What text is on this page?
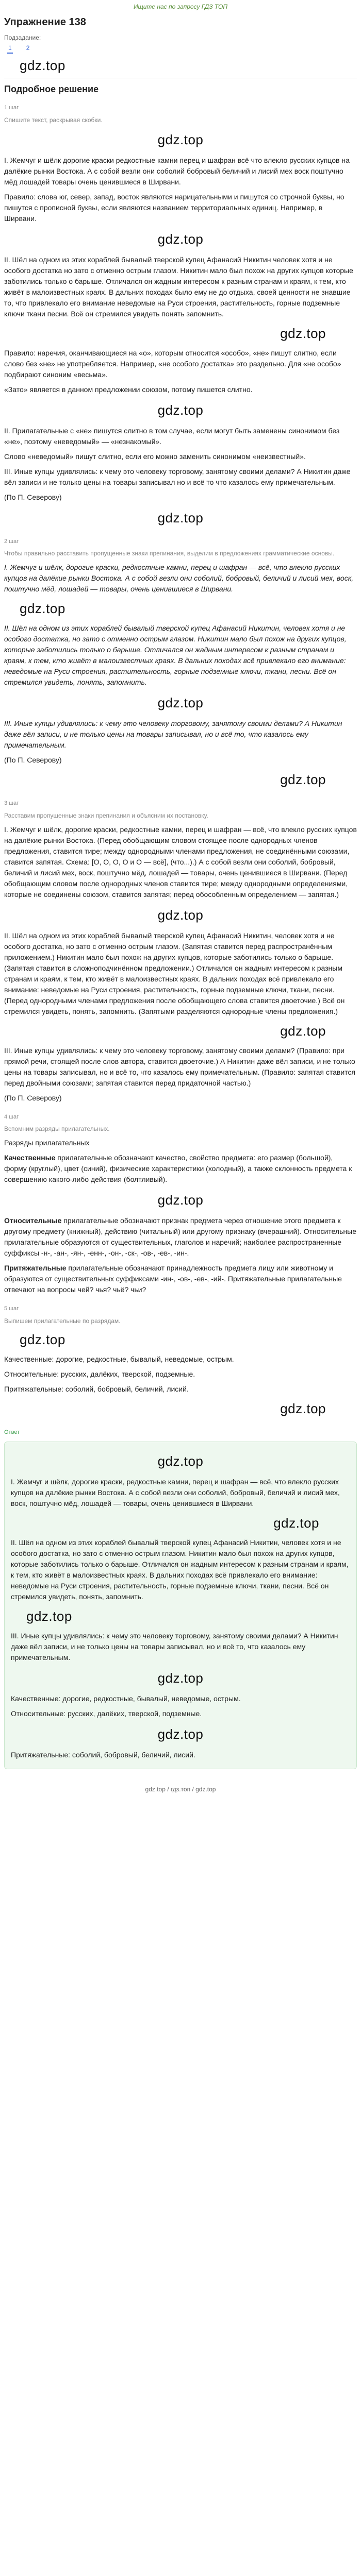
Ищите нас по запросу ГДЗ ТОП
Упражнение 138
Подзадание:
1 2
gdz.top
Подробное решение
1 шаг
Спишите текст, раскрывая скобки.
gdz.top

I. Жемчуг и шёлк дорогие краски редкостные камни перец и шафран всё что влекло русских купцов на далёкие рынки Востока. А с собой везли они соболий бобровый беличий и лисий мех воск поштучно мёд лошадей товары очень ценившиеся в Ширвани.

Правило: слова юг, север, запад, восток являются нарицательными и пишутся со строчной буквы, но пишутся с прописной буквы, если являются названием территориальных единиц. Например, в Ширвани.

gdz.top

II. Шёл на одном из этих кораблей бывалый тверской купец Афанасий Никитин человек хотя и не особого достатка но зато с отменно острым глазом. Никитин мало был похож на других купцов которые заботились только о барыше. Отличался он жадным интересом к разным странам и краям, к тем, кто живёт в малоизвестных краях. В дальних походах было ему не до отдыха, своей ценности не знавшие то, что привлекало его внимание неведомые на Руси строения, растительность, горные подземные ключи ткани песни. Всё он стремился увидеть понять запомнить.

gdz.top

Правило: наречия, оканчивающиеся на «о», которым относится «особо», «не» пишут слитно, если слово без «не» не употребляется. Например, «не особого достатка» это раздельно. Для «не особо» подбирают синоним «весьма».

«Зато» является в данном предложении союзом, потому пишется слитно.

gdz.top

II. Прилагательные с «не» пишутся слитно в том случае, если могут быть заменены синонимом без «не», поэтому «неведомый» — «незнакомый».

Слово «неведомый» пишут слитно, если его можно заменить синонимом «неизвестный».

III. Иные купцы удивлялись: к чему это человеку торговому, занятому своими делами? А Никитин даже вёл записи и не только цены на товары записывал но и всё то что казалось ему примечательным.

(По П. Северову)

gdz.top
2 шаг
Чтобы правильно расставить пропущенные знаки препинания, выделим в предложениях грамматические основы.

I. Жемчуг и шёлк, дорогие краски, редкостные камни, перец и шафран — всё, что влекло русских купцов на далёкие рынки Востока. А с собой везли они соболий, бобровый, беличий и лисий мех, воск, поштучно мёд, лошадей — товары, очень ценившиеся в Ширвани.

gdz.top

II. Шёл на одном из этих кораблей бывалый тверской купец Афанасий Никитин, человек хотя и не особого достатка, но зато с отменно острым глазом. Никитин мало был похож на других купцов, которые заботились только о барыше. Отличался он жадным интересом к разным странам и краям, к тем, кто живёт в малоизвестных краях. В дальних походах всё привлекало его внимание: неведомые на Руси строения, растительность, горные подземные ключи, ткани, песни. Всё он стремился увидеть, понять, запомнить.

gdz.top

III. Иные купцы удивлялись: к чему это человеку торговому, занятому своими делами? А Никитин даже вёл записи, и не только цены на товары записывал, но и всё то, что казалось ему примечательным.

(По П. Северову)

gdz.top
3 шаг
Расставим пропущенные знаки препинания и объясним их постановку.

I. Жемчуг и шёлк, дорогие краски, редкостные камни, перец и шафран — всё, что влекло русских купцов на далёкие рынки Востока. (Перед обобщающим словом стоящее после однородных членов предложения, ставится тире; между однородными членами предложения, не соединёнными союзами, ставится запятая. Схема: [О, О, О, О и О — всё], (что...).) А с собой везли они соболий, бобровый, беличий и лисий мех, воск, поштучно мёд, лошадей — товары, очень ценившиеся в Ширвани. (Перед обобщающим словом после однородных членов ставится тире; между однородными определениями, которые не соединены союзом, ставится запятая; перед обособленным определением — запятая.)

gdz.top

II. Шёл на одном из этих кораблей бывалый тверской купец Афанасий Никитин, человек хотя и не особого достатка, но зато с отменно острым глазом. (Запятая ставится перед распространённым приложением.) Никитин мало был похож на других купцов, которые заботились только о барыше. (Запятая ставится в сложноподчинённом предложении.) Отличался он жадным интересом к разным странам и краям, к тем, кто живёт в малоизвестных краях. В дальних походах всё привлекало его внимание: неведомые на Руси строения, растительность, горные подземные ключи, ткани, песни. (Перед однородными членами предложения после обобщающего слова ставится двоеточие.) Всё он стремился увидеть, понять, запомнить. (Запятыми разделяются однородные члены предложения.)

gdz.top

III. Иные купцы удивлялись: к чему это человеку торговому, занятому своими делами? (Правило: при прямой речи, стоящей после слов автора, ставится двоеточие.) А Никитин даже вёл записи, и не только цены на товары записывал, но и всё то, что казалось ему примечательным. (Правило: запятая ставится перед двойными союзами; запятая ставится перед придаточной частью.)

(По П. Северову)

4 шаг
Вспомним разряды прилагательных.

Разряды прилагательных

Качественные прилагательные обозначают качество, свойство предмета: его размер (большой), форму (круглый), цвет (синий), физические характеристики (холодный), а также склонность предмета к совершению какого-либо действия (болтливый).

gdz.top

Относительные прилагательные обозначают признак предмета через отношение этого предмета к другому предмету (книжный), действию (читальный) или другому признаку (вчерашний). Относительные прилагательные образуются от существительных, глаголов и наречий; наиболее распространенные суффиксы -н-, -ан-, -ян-, -енн-, -он-, -ск-, -ов-, -ев-, -ин-.

Притяжательные прилагательные обозначают принадлежность предмета лицу или животному и образуются от существительных суффиксами -ин-, -ов-, -ев-, -ий-. Притяжательные прилагательные отвечают на вопросы чей? чья? чьё? чьи?

5 шаг
Выпишем прилагательные по разрядам.
gdz.top

Качественные: дорогие, редкостные, бывалый, неведомые, острым.

Относительные: русских, далёких, тверской, подземные.

Притяжательные: соболий, бобровый, беличий, лисий.

gdz.top
Ответ
gdz.top

I. Жемчуг и шёлк, дорогие краски, редкостные камни, перец и шафран — всё, что влекло русских купцов на далёкие рынки Востока. А с собой везли они соболий, бобровый, беличий и лисий мех, воск, поштучно мёд, лошадей — товары, очень ценившиеся в Ширвани.

gdz.top

II. Шёл на одном из этих кораблей бывалый тверской купец Афанасий Никитин, человек хотя и не особого достатка, но зато с отменно острым глазом. Никитин мало был похож на других купцов, которые заботились только о барыше. Отличался он жадным интересом к разным странам и краям, к тем, кто живёт в малоизвестных краях. В дальних походах всё привлекало его внимание: неведомые на Руси строения, растительность, горные подземные ключи, ткани, песни. Всё он стремился увидеть, понять, запомнить.

gdz.top

III. Иные купцы удивлялись: к чему это человеку торговому, занятому своими делами? А Никитин даже вёл записи, и не только цены на товары записывал, но и всё то, что казалось ему примечательным.

gdz.top

Качественные: дорогие, редкостные, бывалый, неведомые, острым.

Относительные: русских, далёких, тверской, подземные.

gdz.top

Притяжательные: соболий, бобровый, беличий, лисий.

gdz.top / гдз.топ / gdz.top
